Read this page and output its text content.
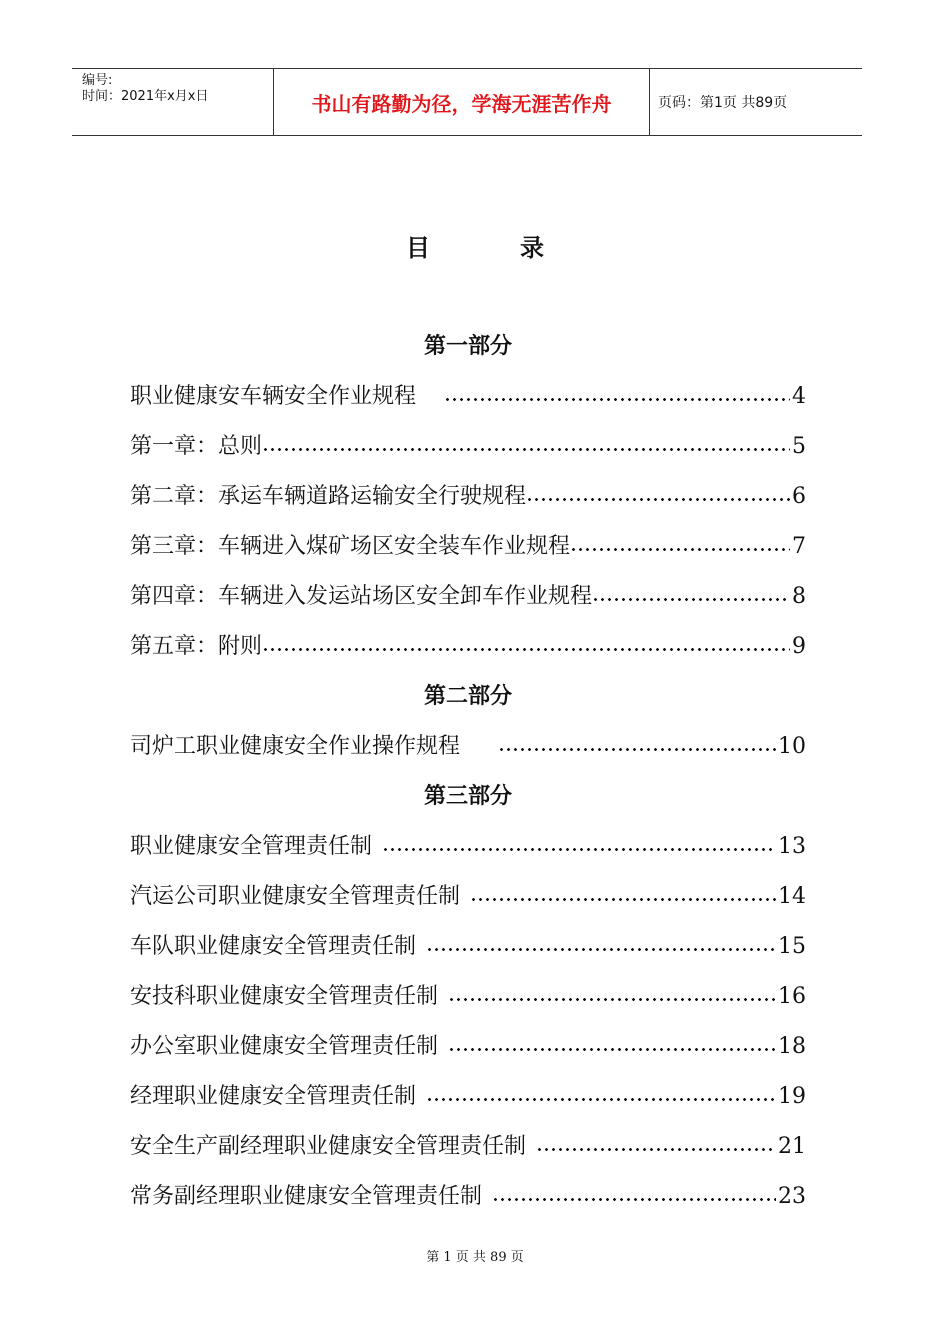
编号:
时间：2021年x月x日	书山有路勤为径，学海无涯苦作舟	页码：第1页 共89页
目	录
第一部分
职业健康安车辆安全作业规程	4
第一章：总则	5
第二章：承运车辆道路运输安全行驶规程	6
第三章：车辆进入煤矿场区安全装车作业规程	7
第四章：车辆进入发运站场区安全卸车作业规程	8
第五章：附则	9
第二部分
司炉工职业健康安全作业操作规程	10
第三部分
职业健康安全管理责任制	13
汽运公司职业健康安全管理责任制	14
车队职业健康安全管理责任制	15
安技科职业健康安全管理责任制	16
办公室职业健康安全管理责任制	18
经理职业健康安全管理责任制	19
安全生产副经理职业健康安全管理责任制	21
常务副经理职业健康安全管理责任制	23
第 1 页 共 89 页
